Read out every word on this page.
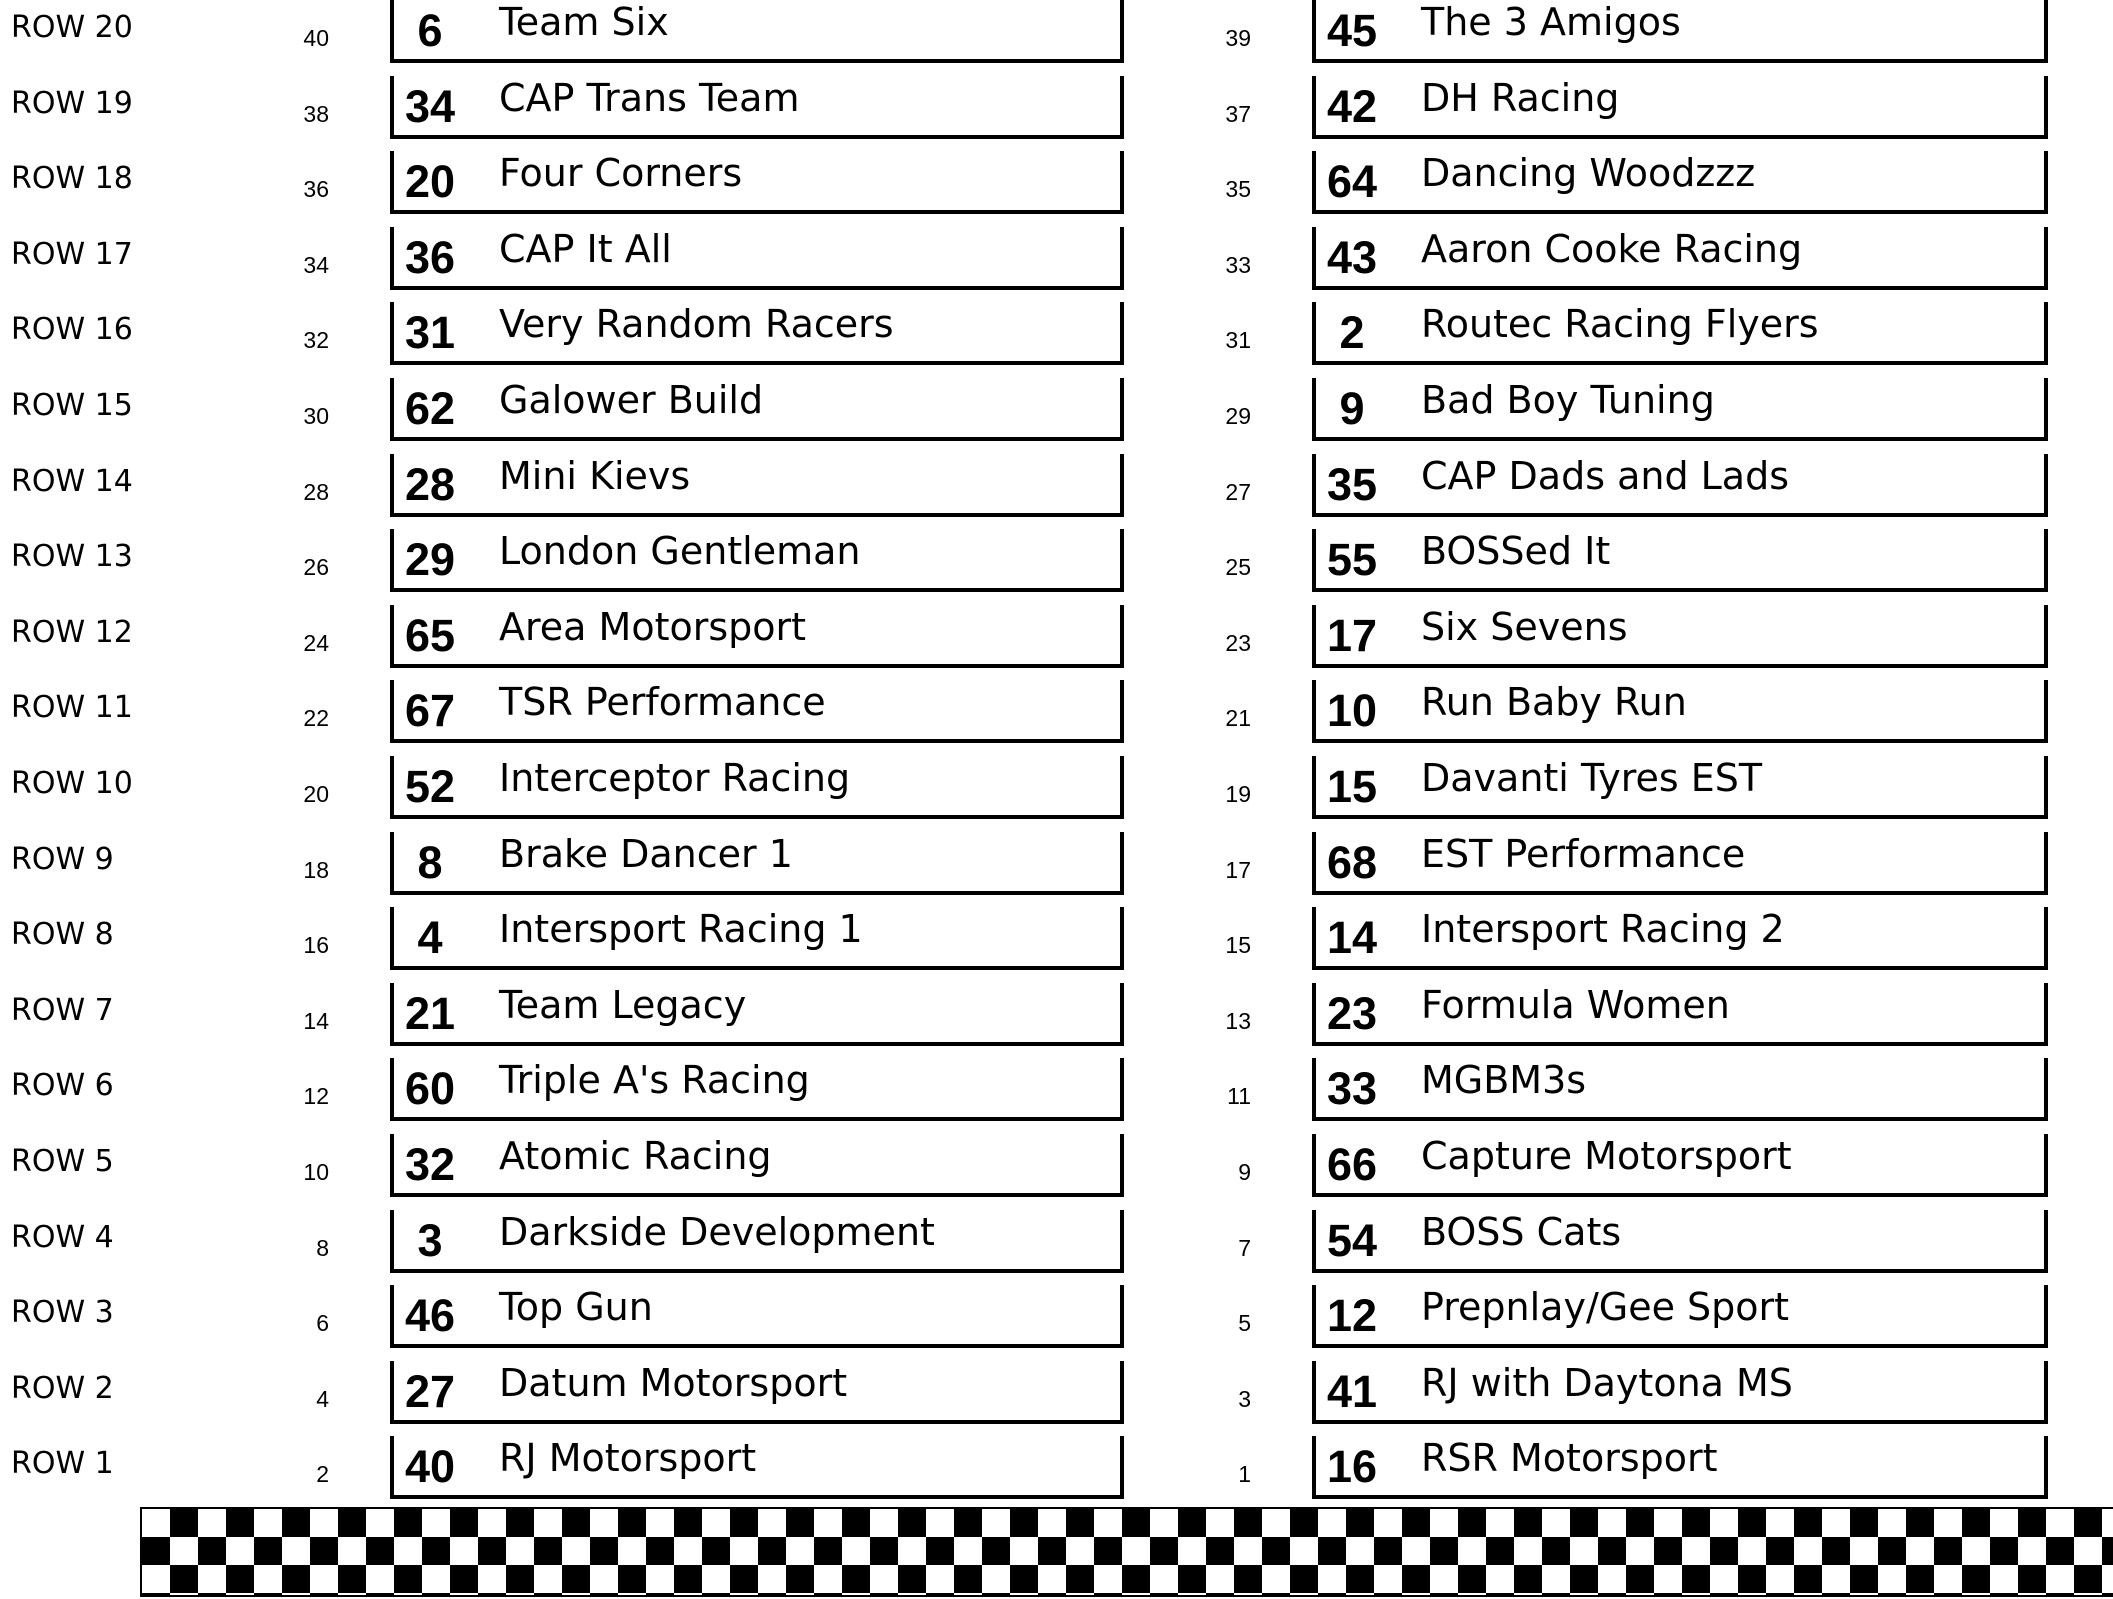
ROW 20	40	6	Team Six	39 45 The 3 Amigos
ROW 19	38 34 CAP Trans Team	37 42 DH Racing
ROW 18	36 20 Four Corners	35 64 Dancing Woodzzz
ROW 17	34 36 CAP It All	33 43 Aaron Cooke Racing
ROW 16	32 31 Very Random Racers	31	2	Routec Racing Flyers
ROW 15	30 62 Galower Build	29	9	Bad Boy Tuning
ROW 14	28 28 Mini Kievs	27 35 CAP Dads and Lads
ROW 13	26 29 London Gentleman	25 55 BOSSed It
ROW 12	24 65 Area Motorsport	23 17 Six Sevens
ROW 11	22 67 TSR Performance	21 10 Run Baby Run
ROW 10	20 52 Interceptor Racing	19 15 Davanti Tyres EST
ROW 9	18	8	Brake Dancer 1	17 68 EST Performance
ROW 8	16	4	Intersport Racing 1	15 14 Intersport Racing 2
ROW 7	14 21 Team Legacy	13 23 Formula Women
ROW 6	12 60 Triple A's Racing	11 33 MGBM3s
ROW 5	10 32 Atomic Racing	9 66 Capture Motorsport
ROW 4	8	3	Darkside Development	7 54 BOSS Cats
ROW 3	6 46 Top Gun	5 12 Prepnlay/Gee Sport
ROW 2	4 27 Datum Motorsport	3 41 RJ with Daytona MS
ROW 1	2 40 RJ Motorsport	1 16 RSR Motorsport
